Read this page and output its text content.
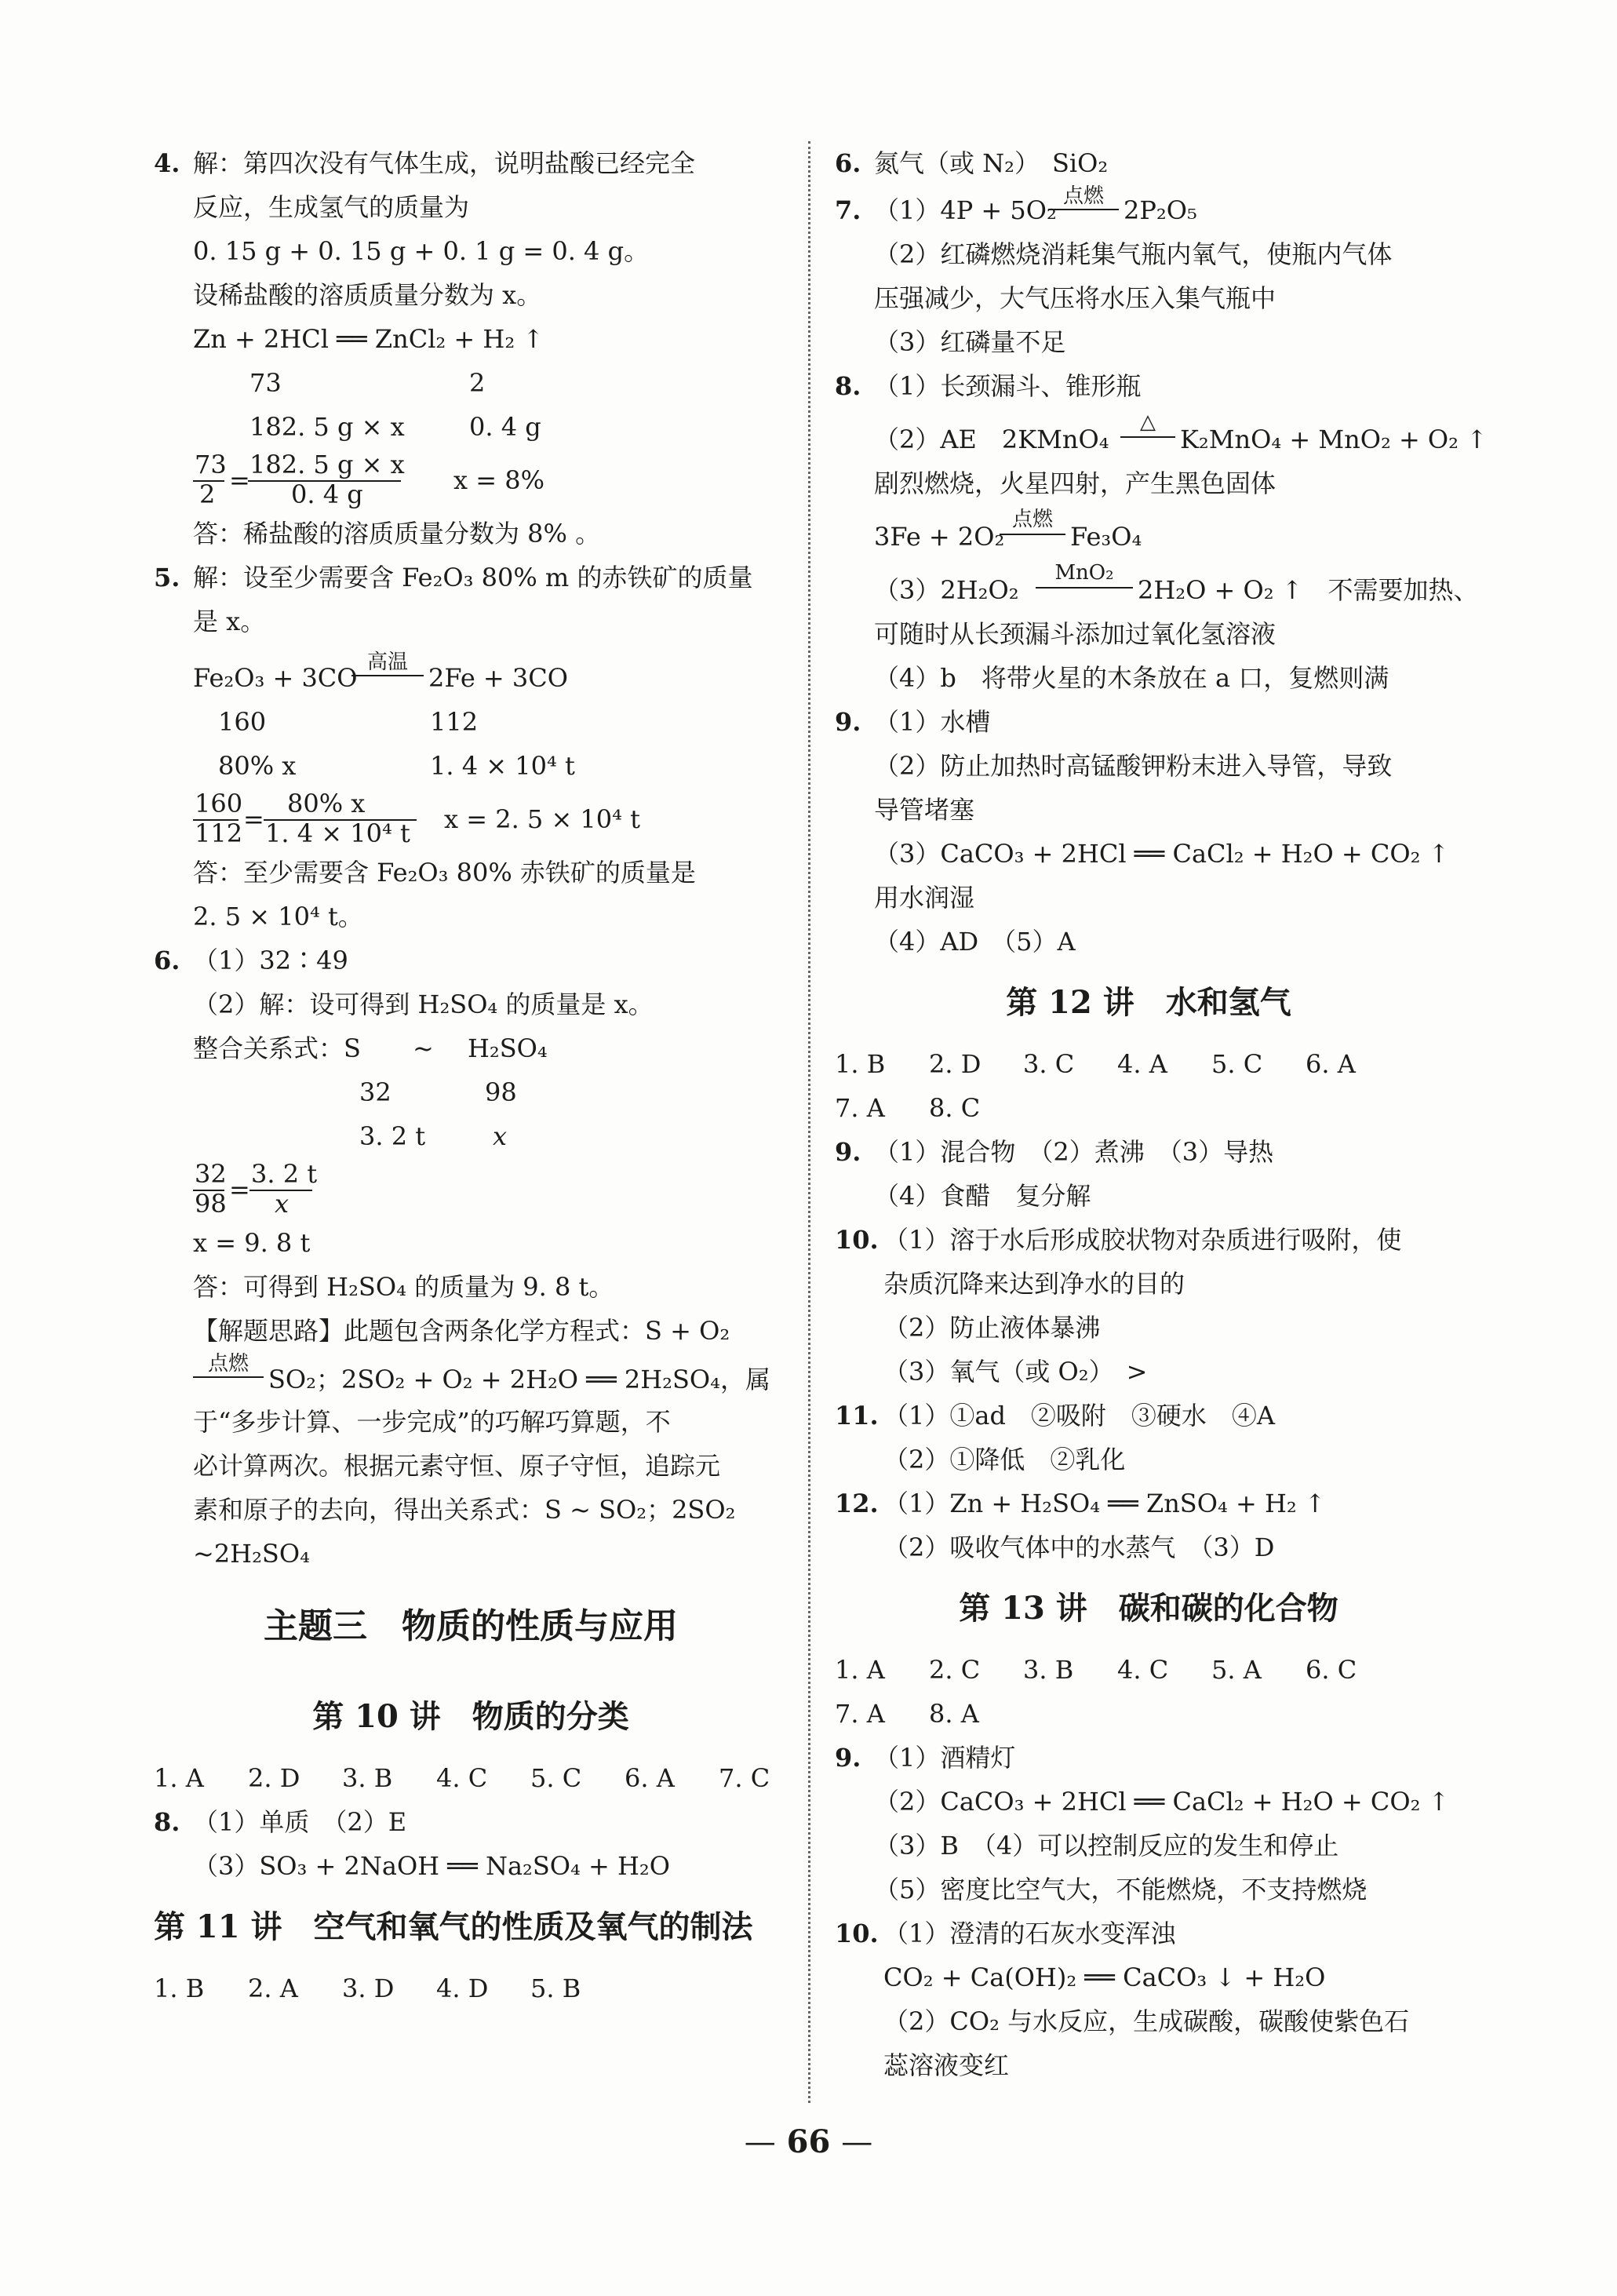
4. 解：第四次没有气体生成，说明盐酸已经完全
反应，生成氢气的质量为
0. 15 g + 0. 15 g + 0. 1 g = 0. 4 g。
设稀盐酸的溶质质量分数为 x。
Zn + 2HCl ══ ZnCl₂ + H₂ ↑
73	2
182. 5 g × x	0. 4 g
73
2 =
182. 5 g × x
0. 4 g	x = 8%
答：稀盐酸的溶质质量分数为 8% 。
5. 解：设至少需要含 Fe₂O₃ 80% m 的赤铁矿的质量
是 x。
Fe₂O₃ + 3CO
高温
2Fe + 3CO
160	112
80% x	1. 4 × 10⁴ t
160
112 =
80% x
1. 4 × 10⁴ t x = 2. 5 × 10⁴ t
答：至少需要含 Fe₂O₃ 80% 赤铁矿的质量是
2. 5 × 10⁴ t。
6. （1）32∶49
（2）解：设可得到 H₂SO₄ 的质量是 x。
整合关系式：S ~ H₂SO₄
32	98
3. 2 t	x
32
98 =
3. 2 t
x
x = 9. 8 t
答：可得到 H₂SO₄ 的质量为 9. 8 t。
【解题思路】此题包含两条化学方程式：S + O₂
点燃
SO₂；2SO₂ + O₂ + 2H₂O ══ 2H₂SO₄，属
于“多步计算、一步完成”的巧解巧算题，不
必计算两次。根据元素守恒、原子守恒，追踪元
素和原子的去向，得出关系式：S ~ SO₂；2SO₂
~2H₂SO₄
主题三　物质的性质与应用
第 10 讲　物质的分类
1. A 2. D 3. B 4. C 5. C 6. A 7. C
8. （1）单质　（2）E
（3）SO₃ + 2NaOH ══ Na₂SO₄ + H₂O
第 11 讲　空气和氧气的性质及氧气的制法
1. B 2. A 3. D 4. D 5. B
6. 氮气（或 N₂）　SiO₂
7. （1）4P + 5O₂ 点燃 2P₂O₅
（2）红磷燃烧消耗集气瓶内氧气，使瓶内气体
压强减少，大气压将水压入集气瓶中
（3）红磷量不足
8. （1）长颈漏斗、锥形瓶
（2）AE　2KMnO₄
△
K₂MnO₄ + MnO₂ + O₂ ↑
剧烈燃烧，火星四射，产生黑色固体
3Fe + 2O₂
点燃
Fe₃O₄
（3）2H₂O₂
MnO₂
2H₂O + O₂ ↑　不需要加热、
可随时从长颈漏斗添加过氧化氢溶液
（4）b　将带火星的木条放在 a 口，复燃则满
9. （1）水槽
（2）防止加热时高锰酸钾粉末进入导管，导致
导管堵塞
（3）CaCO₃ + 2HCl ══ CaCl₂ + H₂O + CO₂ ↑
用水润湿
（4）AD　（5）A
第 12 讲　水和氢气
1. B 2. D 3. C 4. A 5. C 6. A
7. A 8. C
9. （1）混合物　（2）煮沸　（3）导热
（4）食醋　复分解
10. （1）溶于水后形成胶状物对杂质进行吸附，使
杂质沉降来达到净水的目的
（2）防止液体暴沸
（3）氧气（或 O₂）　>
11. （1）①ad　②吸附　③硬水　④A
（2）①降低　②乳化
12. （1）Zn + H₂SO₄ ══ ZnSO₄ + H₂ ↑
（2）吸收气体中的水蒸气　（3）D
第 13 讲　碳和碳的化合物
1. A 2. C 3. B 4. C 5. A 6. C
7. A 8. A
9. （1）酒精灯
（2）CaCO₃ + 2HCl ══ CaCl₂ + H₂O + CO₂ ↑
（3）B　（4）可以控制反应的发生和停止
（5）密度比空气大，不能燃烧，不支持燃烧
10. （1）澄清的石灰水变浑浊
CO₂ + Ca(OH)₂ ══ CaCO₃ ↓ + H₂O
（2）CO₂ 与水反应，生成碳酸，碳酸使紫色石
蕊溶液变红
— 66 —
